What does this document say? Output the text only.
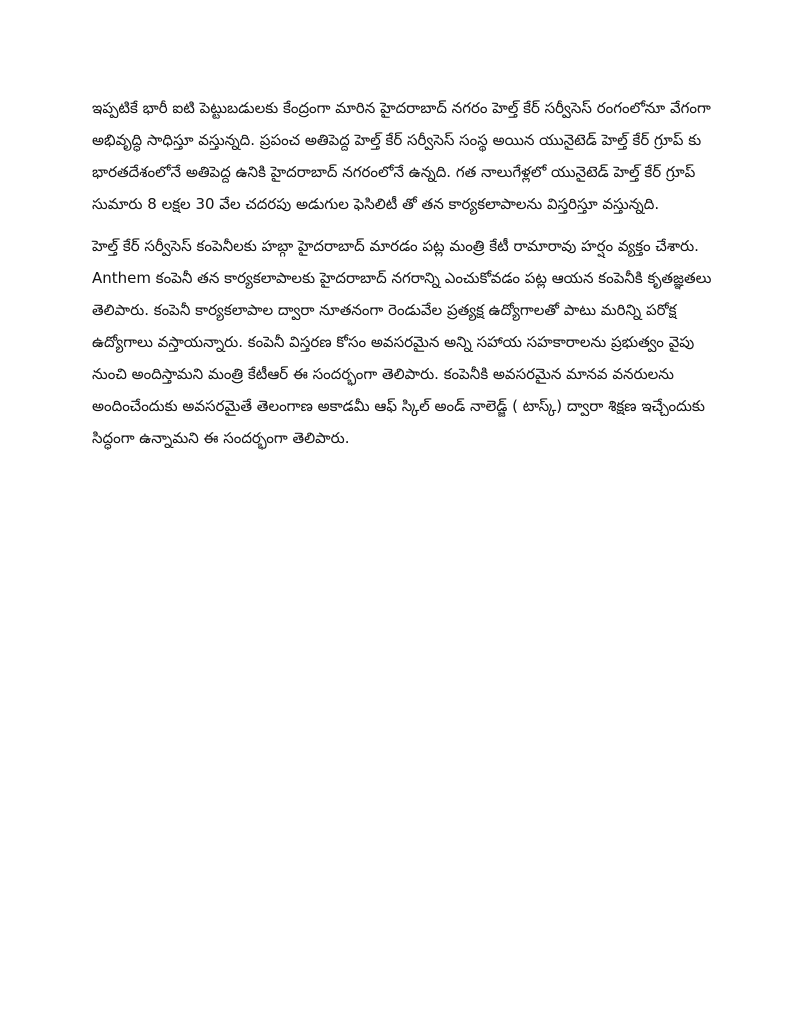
ఇప్పటికే భారీ ఐటి పెట్టుబడులకు కేంద్రంగా మారిన హైదరాబాద్ నగరం హెల్త్ కేర్ సర్వీసెస్ రంగంలోనూ వేగంగా అభివృద్ధి సాధిస్తూ వస్తున్నది. ప్రపంచ అతిపెద్ద హెల్త్ కేర్ సర్వీసెస్ సంస్థ అయిన యునైటెడ్ హెల్త్ కేర్ గ్రూప్ కు భారతదేశంలోనే అతిపెద్ద ఉనికి హైదరాబాద్ నగరంలోనే ఉన్నది. గత నాలుగేళ్లలో యునైటెడ్ హెల్త్ కేర్ గ్రూప్ సుమారు 8 లక్షల 30 వేల చదరపు అడుగుల ఫెసిలిటీ తో తన కార్యకలాపాలను విస్తరిస్తూ వస్తున్నది.

హెల్త్ కేర్ సర్వీసెస్ కంపెనీలకు హబ్గా హైదరాబాద్ మారడం పట్ల మంత్రి కేటీ రామారావు హర్షం వ్యక్తం చేశారు. Anthem కంపెనీ తన కార్యకలాపాలకు హైదరాబాద్ నగరాన్ని ఎంచుకోవడం పట్ల ఆయన కంపెనీకి కృతజ్ఞతలు తెలిపారు. కంపెనీ కార్యకలాపాల ద్వారా నూతనంగా రెండువేల ప్రత్యక్ష ఉద్యోగాలతో పాటు మరిన్ని పరోక్ష ఉద్యోగాలు వస్తాయన్నారు. కంపెనీ విస్తరణ కోసం అవసరమైన అన్ని సహాయ సహకారాలను ప్రభుత్వం వైపు నుంచి అందిస్తామని మంత్రి కేటీఆర్ ఈ సందర్భంగా తెలిపారు. కంపెనీకి అవసరమైన మానవ వనరులను అందించేందుకు అవసరమైతే తెలంగాణ అకాడమీ ఆఫ్ స్కిల్ అండ్ నాలెడ్జ్ ( టాస్క్) ద్వారా శిక్షణ ఇచ్చేందుకు సిద్ధంగా ఉన్నామని ఈ సందర్భంగా తెలిపారు.
